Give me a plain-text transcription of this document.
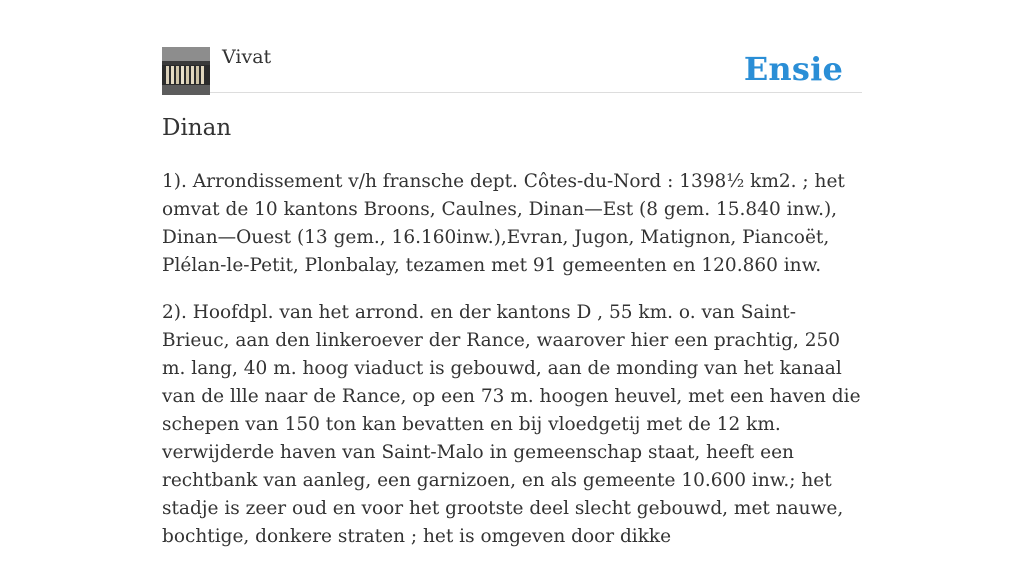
Vivat	Ensie
Dinan

1). Arrondissement v/h fransche dept. Côtes-du-Nord : 1398½ km2. ; het omvat de 10 kantons Broons, Caulnes, Dinan—Est (8 gem. 15.840 inw.), Dinan—Ouest (13 gem., 16.160inw.),Evran, Jugon, Matignon, Piancoët, Plélan-le-Petit, Plonbalay, tezamen met 91 gemeenten en 120.860 inw.

2). Hoofdpl. van het arrond. en der kantons D , 55 km. o. van Saint-Brieuc, aan den linkeroever der Rance, waarover hier een prachtig, 250 m. lang, 40 m. hoog viaduct is gebouwd, aan de monding van het kanaal van de llle naar de Rance, op een 73 m. hoogen heuvel, met een haven die schepen van 150 ton kan bevatten en bij vloedgetij met de 12 km. verwijderde haven van Saint-Malo in gemeenschap staat, heeft een rechtbank van aanleg, een garnizoen, en als gemeente 10.600 inw.; het stadje is zeer oud en voor het grootste deel slecht gebouwd, met nauwe, bochtige, donkere straten ; het is omgeven door dikke
